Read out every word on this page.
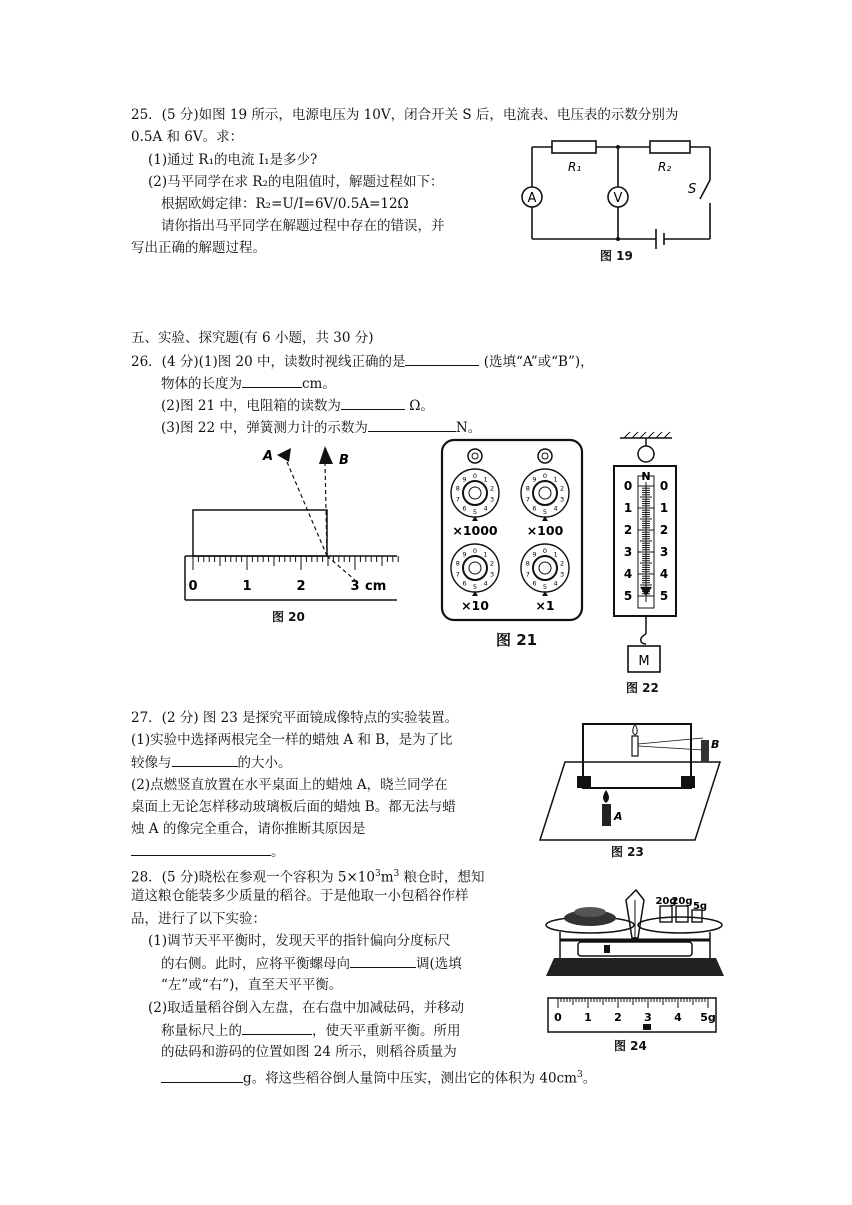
25．(5 分)如图 19 所示，电源电压为 10V，闭合开关 S 后，电流表、电压表的示数分别为
0.5A 和 6V。求：
(1)通过 R₁的电流 I₁是多少?
(2)马平同学在求 R₂的电阻值时，解题过程如下：
根据欧姆定律：R₂=U/I=6V/0.5A=12Ω
请你指出马平同学在解题过程中存在的错误，并
写出正确的解题过程。
A	V
R₁	R₂
S
图 19
五、实验、探究题(有 6 小题，共 30 分)
26．(4 分)(1)图 20 中，读数时视线正确的是	(选填“A”或“B”)，
物体的长度为	cm。
(2)图 21 中，电阻箱的读数为	Ω。
(3)图 22 中，弹簧测力计的示数为	N。
A	B
0	1	2	3 cm
图 20
0 1
2
3
4
5
6
7
8
9
×1000
0 1
2
3
4
5
6
7
8
9
×100
0 1
2
3
4
5
6
7
8
9
×10
0 1
2
3
4
5
6
7
8
9
×1
图 21
N
0
1
2
3
4
5
0
1
2
3
4
5
M
图 22
27．(2 分) 图 23 是探究平面镜成像特点的实验装置。
(1)实验中选择两根完全一样的蜡烛 A 和 B，是为了比
较像与	的大小。
(2)点燃竖直放置在水平桌面上的蜡烛 A，晓兰同学在
桌面上无论怎样移动玻璃板后面的蜡烛 B。都无法与蜡
烛 A 的像完全重合，请你推断其原因是
。
B
A
图 23
28．(5 分)晓松在参观一个容积为 $5\times 10^3m^3$ 粮仓时，想知
道这粮仓能装多少质量的稻谷。于是他取一小包稻谷作样
品，进行了以下实验：
(1)调节天平平衡时，发现天平的指针偏向分度标尺
的右侧。此时，应将平衡螺母向	调(选填
“左”或“右”)，直至天平平衡。
(2)取适量稻谷倒入左盘，在右盘中加减砝码，并移动
称量标尺上的	，使天平重新平衡。所用
的砝码和游码的位置如图 24 所示，则稻谷质量为
g。将这些稻谷倒人量筒中压实，测出它的体积为 $40cm^3$。
20g
20g 5g
0 1 2 3 4 5g
图 24
